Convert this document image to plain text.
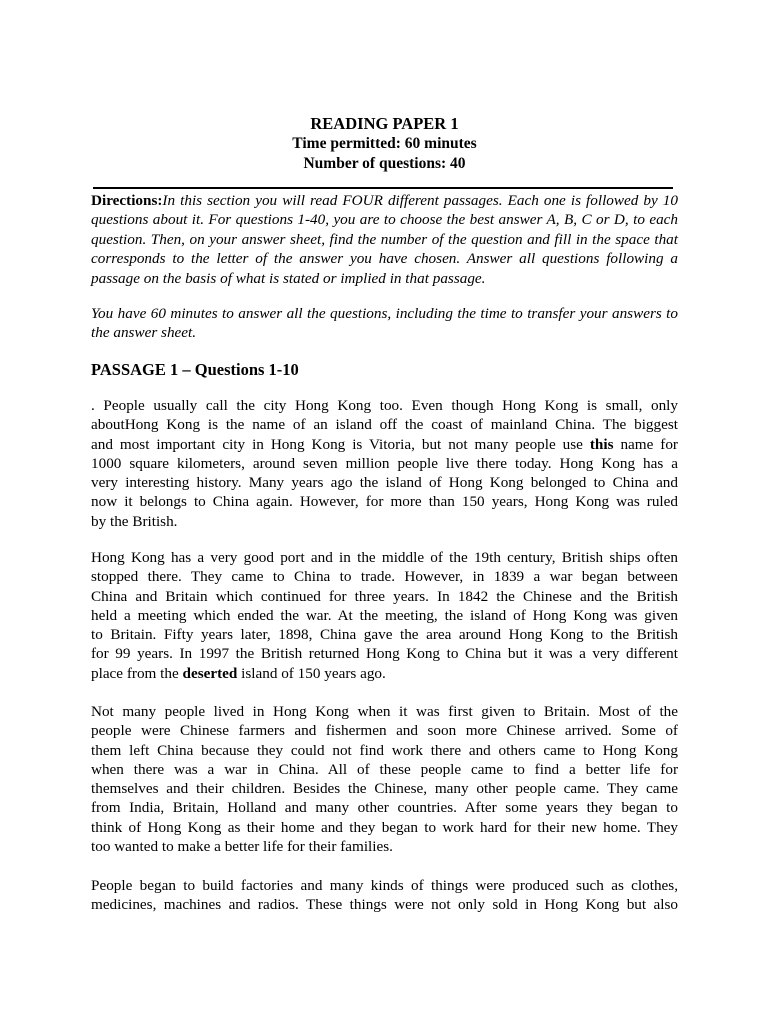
READING PAPER 1
Time permitted: 60 minutes
Number of questions: 40
Directions:In this section you will read FOUR different passages. Each one is followed by 10 questions about it. For questions 1-40, you are to choose the best answer A, B, C or D, to each question. Then, on your answer sheet, find the number of the question and fill in the space that corresponds to the letter of the answer you have chosen. Answer all questions following a passage on the basis of what is stated or implied in that passage.
You have 60 minutes to answer all the questions, including the time to transfer your answers to the answer sheet.
PASSAGE 1 – Questions 1-10
. People usually call the city Hong Kong too. Even though Hong Kong is small, only
aboutHong Kong is the name of an island off the coast of mainland China. The biggest
and most important city in Hong Kong is Vitoria, but not many people use this name for
1000 square kilometers, around seven million people live there today. Hong Kong has a
very interesting history. Many years ago the island of Hong Kong belonged to China and
now it belongs to China again. However, for more than 150 years, Hong Kong was ruled
by the British.
Hong Kong has a very good port and in the middle of the 19th century, British ships often
stopped there. They came to China to trade. However, in 1839 a war began between
China and Britain which continued for three years. In 1842 the Chinese and the British
held a meeting which ended the war. At the meeting, the island of Hong Kong was given
to Britain. Fifty years later, 1898, China gave the area around Hong Kong to the British
for 99 years. In 1997 the British returned Hong Kong to China but it was a very different
place from the deserted island of 150 years ago.
Not many people lived in Hong Kong when it was first given to Britain. Most of the
people were Chinese farmers and fishermen and soon more Chinese arrived. Some of
them left China because they could not find work there and others came to Hong Kong
when there was a war in China. All of these people came to find a better life for
themselves and their children. Besides the Chinese, many other people came. They came
from India, Britain, Holland and many other countries. After some years they began to
think of Hong Kong as their home and they began to work hard for their new home. They
too wanted to make a better life for their families.
People began to build factories and many kinds of things were produced such as clothes,
medicines, machines and radios. These things were not only sold in Hong Kong but also
